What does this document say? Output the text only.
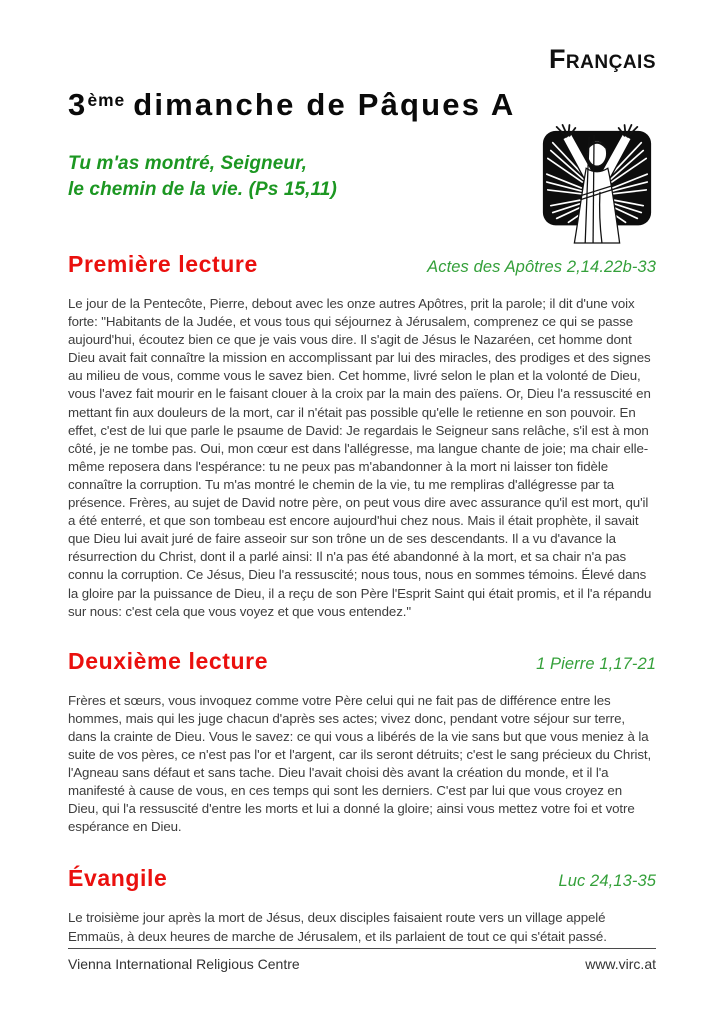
Français
3ème dimanche de Pâques A
Tu m'as montré, Seigneur,
le chemin de la vie. (Ps 15,11)
Première lecture	Actes des Apôtres 2,14.22b-33

Le jour de la Pentecôte, Pierre, debout avec les onze autres Apôtres, prit la parole; il dit d'une voix forte: "Habitants de la Judée, et vous tous qui séjournez à Jérusalem, comprenez ce qui se passe aujourd'hui, écoutez bien ce que je vais vous dire. Il s'agit de Jésus le Nazaréen, cet homme dont Dieu avait fait connaître la mission en accomplissant par lui des miracles, des prodiges et des signes au milieu de vous, comme vous le savez bien. Cet homme, livré selon le plan et la volonté de Dieu, vous l'avez fait mourir en le faisant clouer à la croix par la main des païens. Or, Dieu l'a ressuscité en mettant fin aux douleurs de la mort, car il n'était pas possible qu'elle le retienne en son pouvoir. En effet, c'est de lui que parle le psaume de David: Je regardais le Seigneur sans relâche, s'il est à mon côté, je ne tombe pas. Oui, mon cœur est dans l'allégresse, ma langue chante de joie; ma chair elle-même reposera dans l'espérance: tu ne peux pas m'abandonner à la mort ni laisser ton fidèle connaître la corruption. Tu m'as montré le chemin de la vie, tu me rempliras d'allégresse par ta présence. Frères, au sujet de David notre père, on peut vous dire avec assurance qu'il est mort, qu'il a été enterré, et que son tombeau est encore aujourd'hui chez nous. Mais il était prophète, il savait que Dieu lui avait juré de faire asseoir sur son trône un de ses descendants. Il a vu d'avance la résurrection du Christ, dont il a parlé ainsi: Il n'a pas été abandonné à la mort, et sa chair n'a pas connu la corruption. Ce Jésus, Dieu l'a ressuscité; nous tous, nous en sommes témoins. Élevé dans la gloire par la puissance de Dieu, il a reçu de son Père l'Esprit Saint qui était promis, et il l'a répandu sur nous: c'est cela que vous voyez et que vous entendez."

Deuxième lecture	1 Pierre 1,17-21

Frères et sœurs, vous invoquez comme votre Père celui qui ne fait pas de différence entre les hommes, mais qui les juge chacun d'après ses actes; vivez donc, pendant votre séjour sur terre, dans la crainte de Dieu. Vous le savez: ce qui vous a libérés de la vie sans but que vous meniez à la suite de vos pères, ce n'est pas l'or et l'argent, car ils seront détruits; c'est le sang précieux du Christ, l'Agneau sans défaut et sans tache. Dieu l'avait choisi dès avant la création du monde, et il l'a manifesté à cause de vous, en ces temps qui sont les derniers. C'est par lui que vous croyez en Dieu, qui l'a ressuscité d'entre les morts et lui a donné la gloire; ainsi vous mettez votre foi et votre espérance en Dieu.

Évangile	Luc 24,13-35

Le troisième jour après la mort de Jésus, deux disciples faisaient route vers un village appelé Emmaüs, à deux heures de marche de Jérusalem, et ils parlaient de tout ce qui s'était passé.

Vienna International Religious Centre	www.virc.at
